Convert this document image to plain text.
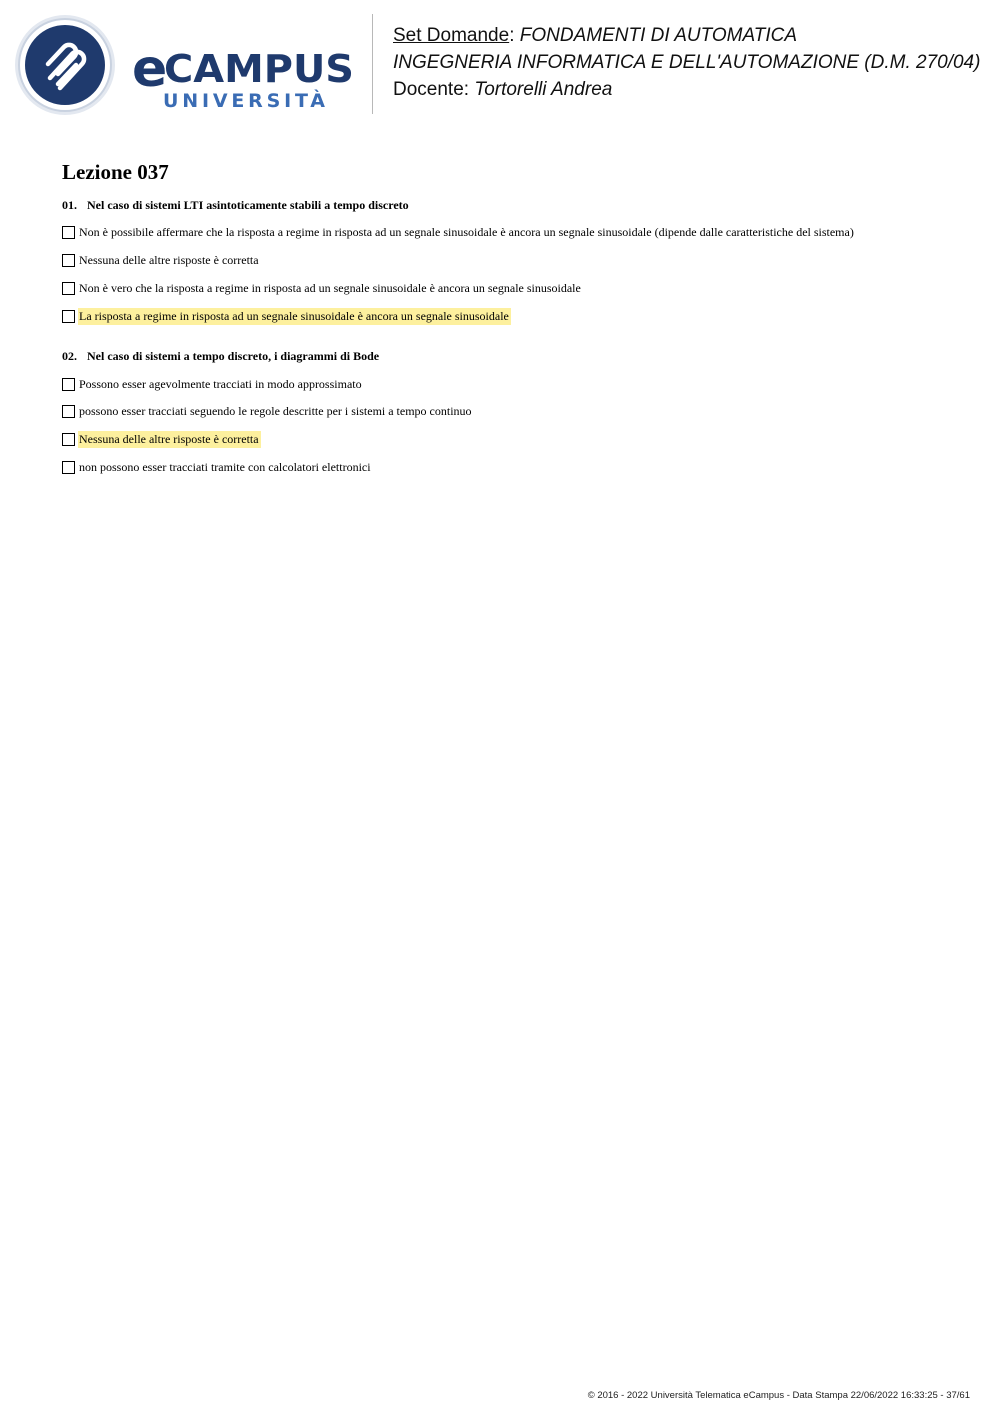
e
CAMPUS
UNIVERSITÀ
Set Domande: FONDAMENTI DI AUTOMATICA
INGEGNERIA INFORMATICA E DELL'AUTOMAZIONE (D.M. 270/04)
Docente: Tortorelli Andrea
Lezione 037

01. Nel caso di sistemi LTI asintoticamente stabili a tempo discreto

Non è possibile affermare che la risposta a regime in risposta ad un segnale sinusoidale è ancora un segnale sinusoidale (dipende dalle caratteristiche del sistema)
Nessuna delle altre risposte è corretta
Non è vero che la risposta a regime in risposta ad un segnale sinusoidale è ancora un segnale sinusoidale
La risposta a regime in risposta ad un segnale sinusoidale è ancora un segnale sinusoidale

02. Nel caso di sistemi a tempo discreto, i diagrammi di Bode

Possono esser agevolmente tracciati in modo approssimato
possono esser tracciati seguendo le regole descritte per i sistemi a tempo continuo
Nessuna delle altre risposte è corretta
non possono esser tracciati tramite con calcolatori elettronici
© 2016 - 2022 Università Telematica eCampus - Data Stampa 22/06/2022 16:33:25 - 37/61
